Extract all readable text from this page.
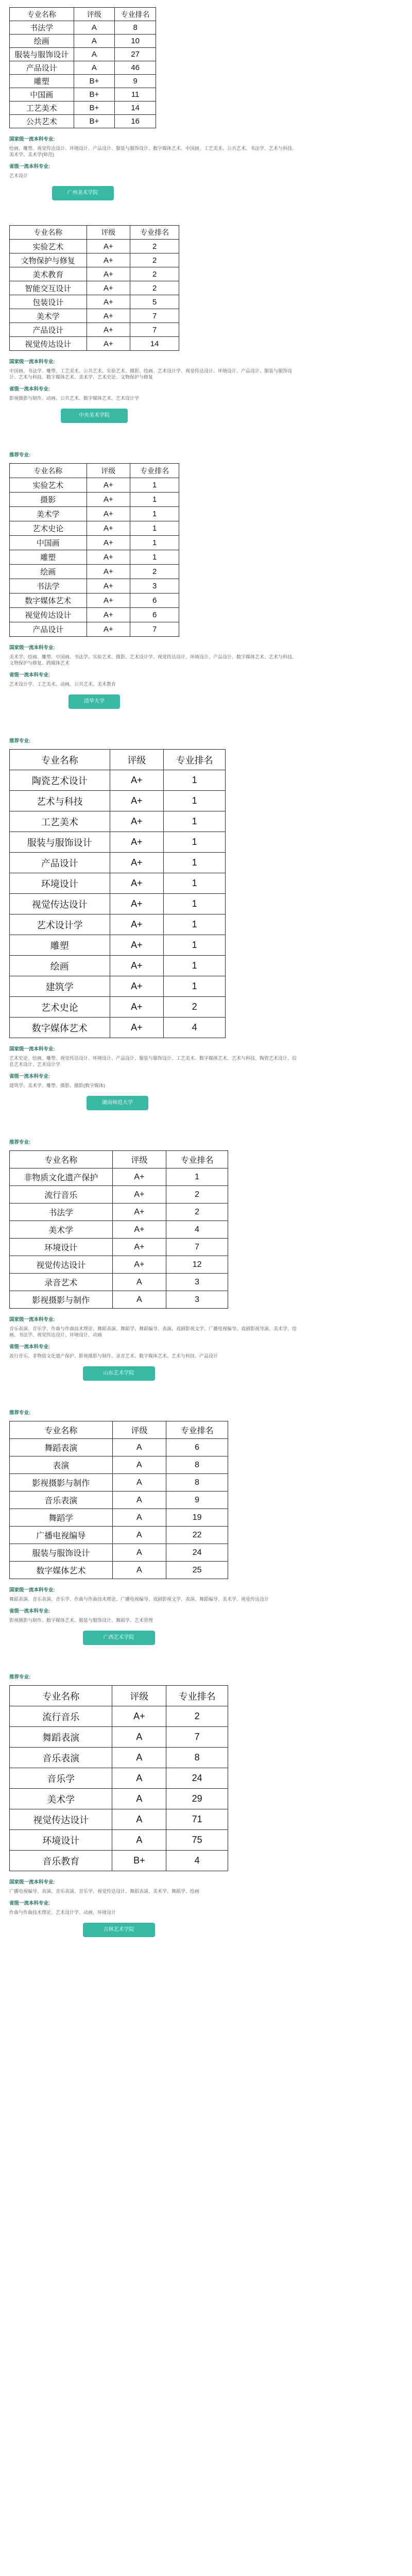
专业名称	评级	专业排名
书法学	A	8
绘画	A	10
服装与服饰设计	A	27
产品设计	A	46
雕塑	B+	9
中国画	B+	11
工艺美术	B+	14
公共艺术	B+	16
国家级一流本科专业:
绘画、雕塑、视觉传达设计、环境设计、产品设计、服装与服饰设计、数字媒体艺术、中国画、工艺美术、公共艺术、书法学、艺术与科技、美术学、美术学(师范)
省级一流本科专业:
艺术设计
广州美术学院
专业名称	评级	专业排名
实验艺术	A+	2
文物保护与修复	A+	2
美术教育	A+	2
智能交互设计	A+	2
包装设计	A+	5
美术学	A+	7
产品设计	A+	7
视觉传达设计	A+	14
国家级一流本科专业:
中国画、书法学、雕塑、工艺美术、公共艺术、实验艺术、摄影、绘画、艺术设计学、视觉传达设计、环境设计、产品设计、服装与服饰设计、艺术与科技、数字媒体艺术、美术学、艺术史论、文物保护与修复
省级一流本科专业:
影视摄影与制作、动画、公共艺术、数字媒体艺术、艺术设计学
中央美术学院
推荐专业:
专业名称	评级	专业排名
实验艺术	A+	1
摄影	A+	1
美术学	A+	1
艺术史论	A+	1
中国画	A+	1
雕塑	A+	1
绘画	A+	2
书法学	A+	3
数字媒体艺术	A+	6
视觉传达设计	A+	6
产品设计	A+	7
国家级一流本科专业:
美术学、绘画、雕塑、中国画、书法学、实验艺术、摄影、艺术设计学、视觉传达设计、环境设计、产品设计、数字媒体艺术、艺术与科技、文物保护与修复、跨媒体艺术
省级一流本科专业:
艺术设计学、工艺美术、动画、公共艺术、美术教育
清华大学
推荐专业:
专业名称	评级	专业排名
陶瓷艺术设计	A+	1
艺术与科技	A+	1
工艺美术	A+	1
服装与服饰设计	A+	1
产品设计	A+	1
环境设计	A+	1
视觉传达设计	A+	1
艺术设计学	A+	1
雕塑	A+	1
绘画	A+	1
建筑学	A+	1
艺术史论	A+	2
数字媒体艺术	A+	4
国家级一流本科专业:
艺术史论、绘画、雕塑、视觉传达设计、环境设计、产品设计、服装与服饰设计、工艺美术、数字媒体艺术、艺术与科技、陶瓷艺术设计、信息艺术设计、艺术设计学
省级一流本科专业:
建筑学、美术学、雕塑、摄影、摄影(数字媒体)
湖南师范大学
推荐专业:
专业名称	评级	专业排名
非物质文化遗产保护	A+	1
流行音乐	A+	2
书法学	A+	2
美术学	A+	4
环境设计	A+	7
视觉传达设计	A+	12
录音艺术	A	3
影视摄影与制作	A	3
国家级一流本科专业:
音乐表演、音乐学、作曲与作曲技术理论、舞蹈表演、舞蹈学、舞蹈编导、表演、戏剧影视文学、广播电视编导、戏剧影视导演、美术学、绘画、书法学、视觉传达设计、环境设计、动画
省级一流本科专业:
流行音乐、非物质文化遗产保护、影视摄影与制作、录音艺术、数字媒体艺术、艺术与科技、产品设计
山东艺术学院
推荐专业:
专业名称	评级	专业排名
舞蹈表演	A	6
表演	A	8
影视摄影与制作	A	8
音乐表演	A	9
舞蹈学	A	19
广播电视编导	A	22
服装与服饰设计	A	24
数字媒体艺术	A	25
国家级一流本科专业:
舞蹈表演、音乐表演、音乐学、作曲与作曲技术理论、广播电视编导、戏剧影视文学、表演、舞蹈编导、美术学、视觉传达设计
省级一流本科专业:
影视摄影与制作、数字媒体艺术、服装与服饰设计、舞蹈学、艺术管理
广西艺术学院
推荐专业:
专业名称	评级	专业排名
流行音乐	A+	2
舞蹈表演	A	7
音乐表演	A	8
音乐学	A	24
美术学	A	29
视觉传达设计	A	71
环境设计	A	75
音乐教育	B+	4
国家级一流本科专业:
广播电视编导、表演、音乐表演、音乐学、视觉传达设计、舞蹈表演、美术学、舞蹈学、绘画
省级一流本科专业:
作曲与作曲技术理论、艺术设计学、动画、环境设计
吉林艺术学院
